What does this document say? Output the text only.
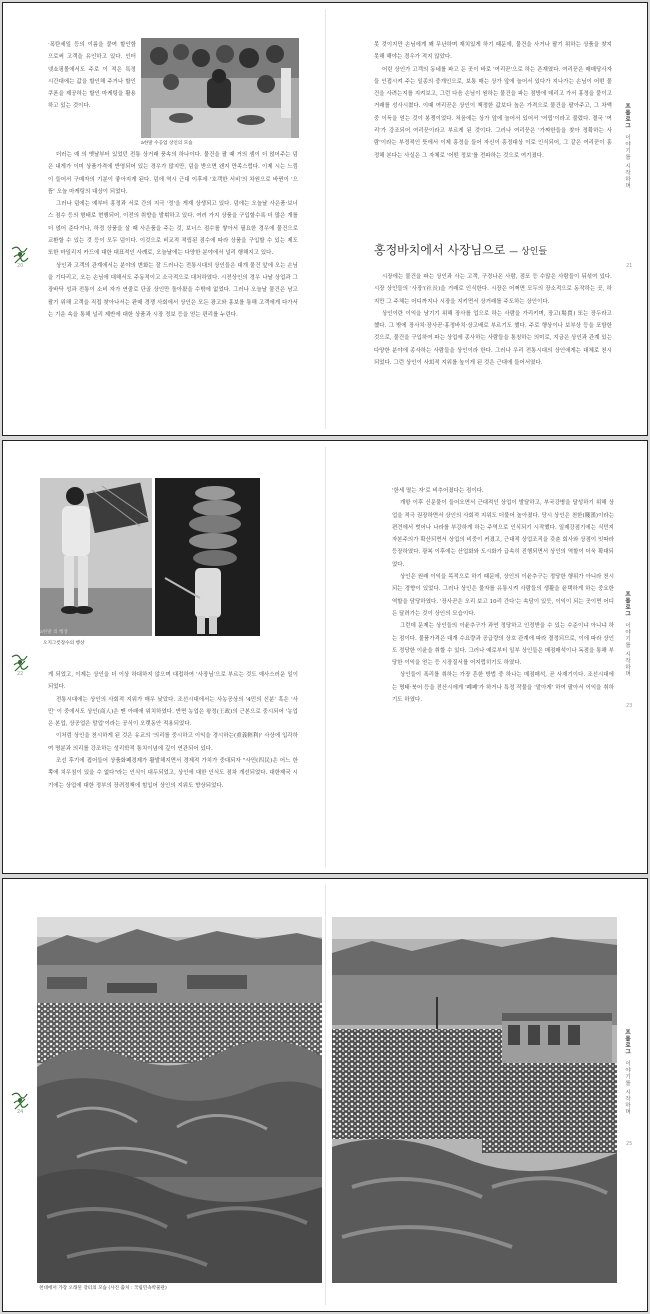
20
a한말 수공업 상인의 모습

·폭탄세일 등의 이름을 붙여 할인함으로써 고객을 유인하고 있다. 인터넷쇼핑몰에서도 주로 이 적은 특정 시간대에는 값을 할인해 주거나 할인쿠폰을 제공하는 할인 마케팅을 활용하고 있는 것이다.

더러는 예 의 옛날부터 있었던 전통 상거래 풍속의 하나이다. 물건을 팔 때 거의 셈이 더 얹어주는 덤은 내게가 이미 상품가격에 반영되어 있는 경우가 많지만, 덤을 받으면 왠지 만족스럽다. 이제 시는 느낌이 들어서 구매자의 기분이 좋아지게 된다. 덤에 역시 근대 이후에 '호객한 서비'의 차원으로 바뀐이 '으뜸' 오늘 마케팅의 대상이 되었다.

그러나 덤에는 예부터 흥정과 서로 간의 지극 '정'을 게재 상생되고 있다. 덤에는 오늘날 사은품·보너스 점수 등의 형태로 현행되어, 이전의 취향을 발휘하고 있다. 여러 가지 상품을 구입할수록 더 많은 개를 더 얹어 준다거나, 하정 상품을 살 때 사은품을 주는 것, 보너스 점수를 쌓아서 필요한 경우에 물건으로 교환할 수 있는 것 등이 모두 덤이다. 이것으로 비교적 적립된 점수에 따라 상품을 구입할 수 있는 제도 또한 마일리지 카드에 대한 대표적인 사례로, 오늘날에는 다양한 분야에서 널리 행해지고 있다.

상인과 고객의 관계에서는 분야의 변화는 잘 드러나는 전통시대의 상인들은 대개 물건 앞에 오는 손님을 기다리고, 오는 손님에 대해서도 주동적이고 소극적으로 대처하였다. 시전상인의 경우 나날 상업과 그 장바닥 성과 전통이 소비 자가 연줄로 단골 상인만 돌아왔을 수밖에 없었다. 그러나 오늘날 물건은 남고 팔기 위해 고객을 직접 찾아나서는 판매 경쟁 사회에서 상인은 모든 광고와 홍보를 통해 고객에게 다가서는 기운 속을 통해 널리 제반에 대한 상품과 시장 정보 등을 얻는 편리를 누린다.

프롤로그  이야기를 시작하며
21

못 것이지만 손님에게 꽤 무난하며 재치있게 하기 때문에, 물건을 사거나 팔기 위하는 상품을 찾지 못해 해야는 경우가 적지 않았다.

어린 상인가 고객의 동네를 파고 든 곳이 바로 '여리꾼'으로 하는 존재였다. 여리꾼은 매매당사자들 인접시켜 주는 일종의 중개인으로, 보통 매는 상가 앞에 늘어서 있다가 지나가는 손님이 어떤 물건을 사려는지를 지켜보고, 그런 다음 손님이 원하는 물건을 파는 점방에 데리고 가서 홍정을 붙이고 거래를 성사시켰다. 이때 여리꾼은 상인이 책정한 값보다 높은 가격으로 물건을 팔아주고, 그 차액 중 이득을 얻는 것이 봉쟁이었다. 처음에는 상가 앞에 늘어서 있어서 '여립'이라고 불렀다. 결국 '여리'가 강조되어 여리꾼이라고 부르게 된 것이다. 그러나 여리꾼은 '가짜한들을 찾아 정확하는 사람'이라는 부정적인 뜻에서 이제 흥정을 들어 자신이 흥정대상 이로 인식되어, 그 같은 여리꾼이 흥정해 본다는 사실은 그 자체로 '어떤 정보'를 전파하는 것으로 여기졌다.

홍정바치에서 사장님으로 — 상인들

시장에는 물건을 파는 상인과 사는 고객, 구경나온 사람, 점포 등 수많은 사람들이 뒤섞여 있다. 시장 상인들의 '사장'(社長)을 거래로 인식한다. 시장은 어쩌면 모두의 장소적으로 동작하는 곳, 하지만 그 주체는 어디까지나 시장을 지키면서 상거래를 주도하는 상인이다.

상인이란 이익을 남기기 위해 장사를 업으로 하는 사람을 가리키며, 장고(場賈) 또는 장두라고 했다. 그 밖에 장사치·장사꾼·홍정바치·상고배로 부르기도 했다. 주로 행상이나 보부상 등을 포함한 것으로, 물건을 구입하여 파는 상업에 종사하는 사람들을 통칭하는 의미로, 지금은 상인과 관계 있는 다양한 분야에 종사하는 사람들을 상인이라 한다. 그러나 우리 전통시대의 상인에게는 대체로 천시되었다. 그런 상인이 사회적 지위를 높이게 된 것은 근대에 들어서였다.

22
a한말 의 행상
오지그릇장수의 행상

게 되었고, 이제는 상인을 더 이상 하대하지 않으며 대접하여 '사장님'으로 부르는 것도 예사스러운 일이 되었다.

전통시대에는 상인의 사회적 지위가 매우 낮았다. 조선시대에서는 사농공상의 '4민의 신분' 혹은 '사민' 이 중에서도 상인(商人)은 맨 아래에 위치하였다. 반면 농업은 왕정(王政)의 근본으로 중시되어 '농업은 본업, 상공업은 말업'이라는 공식이 오랫동안 적용되었다.

이처럼 상인을 천시하게 된 것은 유교의 '의리를 중시하고 이익을 경시하는(重義輕利)' 사상에 입각하여 명분과 의리를 강조하는 성리학적 통치이념에 깊이 연관되어 있다.

조선 후기에 접어들어 상품화폐경제가 활발해지면서 경제적 가치가 중대되자 "사민(四民)은 어느 한쪽에 치우침이 있을 수 없다"라는 인식이 대두되었고, 상인에 대한 인식도 점차 개선되었다. 대한제국 시기에는 상업에 대한 정부의 장려정책에 힘입어 상인의 지위도 향상되었다.

프롤로그  이야기를 시작하며
23

'한세 멸는 자'로 비추어졌다는 점이다.

개항 이후 신문물이 들어오면서 근대적인 상업이 발달하고, 부국강병을 달성하기 위해 상업을 적극 권장하면서 상인의 사회적 지위도 더불어 높아졌다. 당시 상인은 천한(賤漢)이라는 편견에서 벗어나 나라를 부강하게 하는 주역으로 인식되기 시작했다. 일제강점기에는 식민지 자본주의가 확산되면서 상업의 비중이 커졌고, 근대적 상업조직을 갖춘 회사와 상점이 잇따라 등장하였다. 광복 이후에는 산업화와 도시화가 급속히 진행되면서 상인의 역할이 더욱 확대되었다.

상인은 원래 이익을 목적으로 하기 때문에, 상인의 이윤추구는 정당한 행위가 아니라 천시되는 경향이 있었다. 그러나 상인은 물자를 유통시켜 사람들의 생활을 윤택하게 하는 중요한 역할을 담당하였다. '장사꾼은 오리 보고 10리 간다'는 속담이 있듯, 이익이 되는 곳이면 어디든 달려가는 것이 상인의 모습이다.

그런데 문제는 상인들의 이윤추구가 과연 정당하고 인정받을 수 있는 수준이냐 아니냐 하는 점이다. 물품가격은 대개 수요량과 공급량의 상호 관계에 따라 결정되므로, 이에 따라 상인도 정당한 이윤을 취할 수 있다. 그러나 예로부터 일부 상인들은 매점매석이나 독점을 통해 부당한 이익을 얻는 등 시장질서를 어지럽히기도 하였다.

상인들이 폭리를 취하는 가장 흔한 방법 중 하나는 매점매석, 곧 사재기이다. 조선시대에는 명태·북어 등을 전산시에게 '폐폐'가 하거나 특정 작물을 '맡아게' 하여 팔아서 이익을 취하기도 하였다.

24
천대에서 가장 오래된 장터의 모습 (사진 출처 : 국립민속박물관)
프롤로그  이야기를 시작하며
25
